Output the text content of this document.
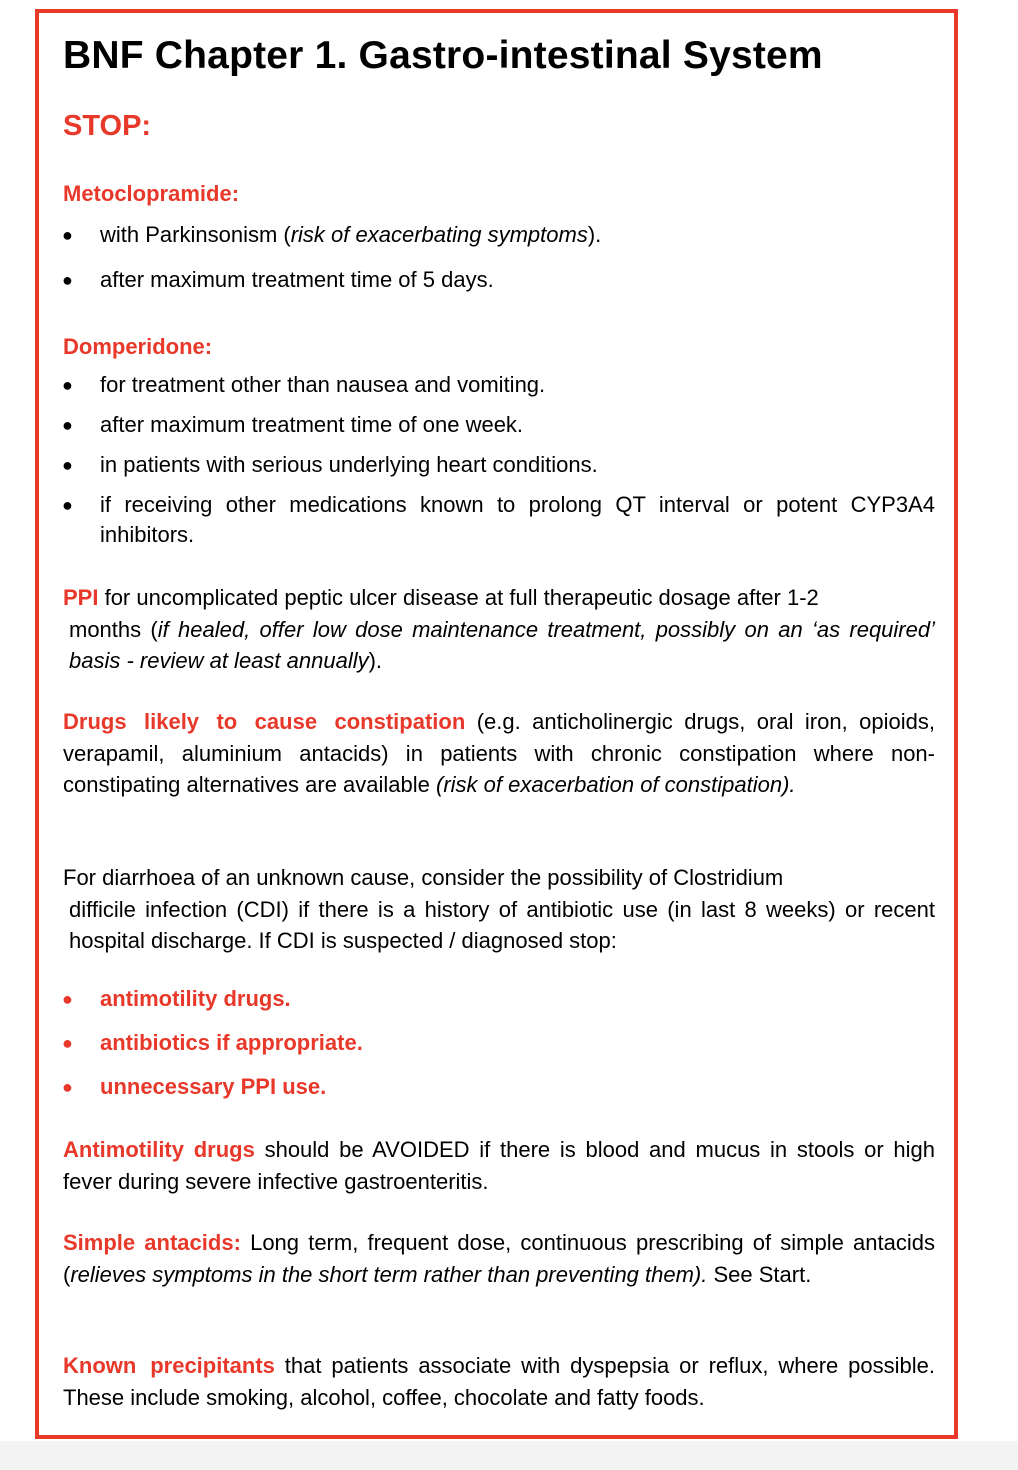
BNF Chapter 1. Gastro-intestinal System
STOP:
Metoclopramide:
● with Parkinsonism (risk of exacerbating symptoms).
● after maximum treatment time of 5 days.
Domperidone:
● for treatment other than nausea and vomiting.
● after maximum treatment time of one week.
● in patients with serious underlying heart conditions.
● if receiving other medications known to prolong QT interval or potent CYP3A4 inhibitors.
PPI for uncomplicated peptic ulcer disease at full therapeutic dosage after 1-2
months (if healed, offer low dose maintenance treatment, possibly on an ‘as required’ basis - review at least annually).
Drugs likely to cause constipation (e.g. anticholinergic drugs, oral iron, opioids, verapamil, aluminium antacids) in patients with chronic constipation where non-constipating alternatives are available (risk of exacerbation of constipation).
For diarrhoea of an unknown cause, consider the possibility of Clostridium
difficile infection (CDI) if there is a history of antibiotic use (in last 8 weeks) or recent hospital discharge. If CDI is suspected / diagnosed stop:
● antimotility drugs.
● antibiotics if appropriate.
● unnecessary PPI use.
Antimotility drugs should be AVOIDED if there is blood and mucus in stools or high fever during severe infective gastroenteritis.
Simple antacids: Long term, frequent dose, continuous prescribing of simple antacids (relieves symptoms in the short term rather than preventing them). See Start.
Known precipitants that patients associate with dyspepsia or reflux, where possible. These include smoking, alcohol, coffee, chocolate and fatty foods.
